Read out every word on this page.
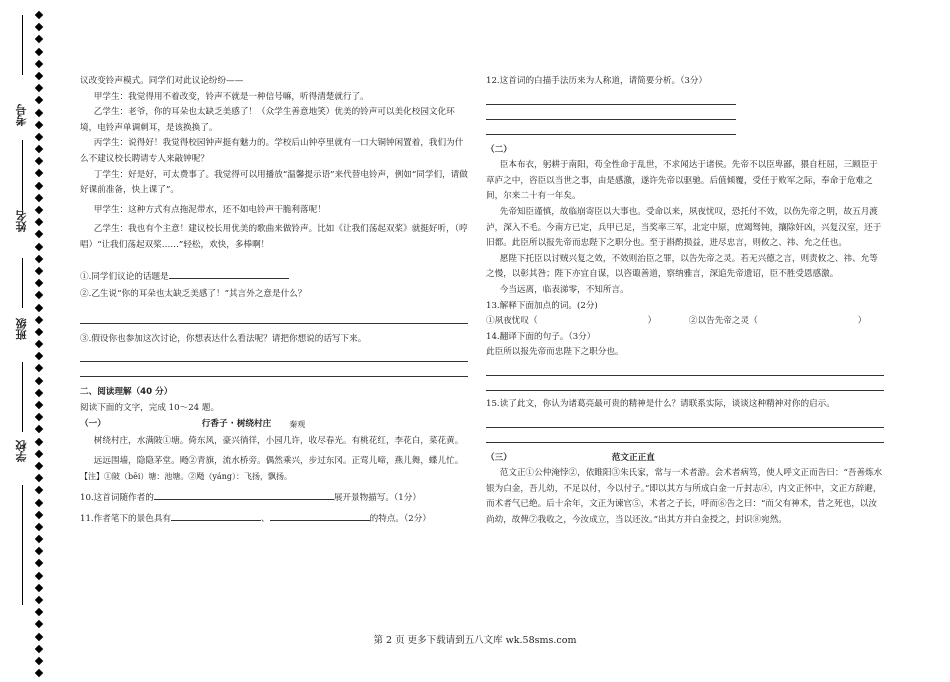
考号
姓名
班级
学校

议改变铃声模式。同学们对此议论纷纷——

甲学生：我觉得用不着改变，铃声不就是一种信号嘛，听得清楚就行了。

乙学生：老爷，你的耳朵也太缺乏美感了！（众学生善意地笑）优美的铃声可以美化校园文化环境，电铃声单调刺耳，是该换换了。

丙学生：说得好！我觉得校园钟声挺有魅力的。学校后山钟亭里就有一口大铜钟闲置着，我们为什么不建议校长聘请专人来敲钟呢？

丁学生：好是好，可太费事了。我觉得可以用播放“温馨提示语”来代替电铃声，例如“同学们，请做好课前准备，快上课了”。

甲学生：这种方式有点拖泥带水，还不如电铃声干脆利落呢！

乙学生：我也有个主意！建议校长用优美的歌曲来做铃声。比如《让我们荡起双桨》就挺好听，（哼唱）“让我们荡起双桨……”轻松，欢快，多棒啊！

①.同学们议论的话题是

②.乙生说“你的耳朵也太缺乏美感了！”其言外之意是什么？

③.假设你也参加这次讨论，你想表达什么看法呢？请把你想说的话写下来。

二、阅读理解（40 分）

阅读下面的文字，完成 10～24 题。

（一）	行香子 · 树绕村庄 秦观

树绕村庄，水满陂①塘。倚东风，豪兴徜徉，小园几许，收尽春光。有桃花红，李花白，菜花黄。

远远围墙，隐隐茅堂。飏②青旗，流水桥旁。偶然乘兴，步过东冈。正莺儿啼，燕儿舞，蝶儿忙。

【注】①陂（bēi）塘：池塘。②飏（yáng）：飞扬，飘扬。

10.这首词随作者的	展开景物描写。（1分）

11.作者笔下的景色具有	、	的特点。（2分）

12.这首词的白描手法历来为人称道，请简要分析。（3分）

（二）

臣本布衣，躬耕于南阳，苟全性命于乱世，不求闻达于诸侯。先帝不以臣卑鄙，猥自枉屈，三顾臣于草庐之中，咨臣以当世之事，由是感激，遂许先帝以驱驰。后值倾覆，受任于败军之际，奉命于危难之间，尔来二十有一年矣。

先帝知臣谨慎，故临崩寄臣以大事也。受命以来，夙夜忧叹，恐托付不效，以伤先帝之明，故五月渡泸，深入不毛。今南方已定，兵甲已足，当奖率三军，北定中原，庶竭驽钝，攘除奸凶，兴复汉室，还于旧都。此臣所以报先帝而忠陛下之职分也。至于斟酌损益，进尽忠言，则攸之、祎、允之任也。

愿陛下托臣以讨贼兴复之效，不效则治臣之罪，以告先帝之灵。若无兴德之言，则责攸之、祎、允等之慢，以彰其咎；陛下亦宜自谋，以咨诹善道，察纳雅言，深追先帝遗诏，臣不胜受恩感激。

今当远离，临表涕零，不知所言。

13.解释下面加点的词。(2分)

①夙夜忧叹（	）	②以告先帝之灵（	）

14.翻译下面的句子。（3分）

此臣所以报先帝而忠陛下之职分也。

15.读了此文，你认为诸葛亮最可贵的精神是什么？请联系实际，谈谈这种精神对你的启示。

（三）	范文正正直

范文正①公仲淹悖②，依睢阳③朱氏家，常与一术者游。会术者病笃，使人呼文正而告曰：“吾善炼水银为白金，吾儿幼，不足以付，今以付子。”即以其方与所成白金一斤封志④，内文正怀中，文正方辞避，而术者气已绝。后十余年，文正为谏官⑤，术者之子长，呼而⑥告之曰：“而父有神术，昔之死也，以汝尚幼，故俾⑦我收之，今汝成立，当以还汝。”出其方并白金授之，封识⑧宛然。

第 2 页 更多下载请到五八文库 wk.58sms.com
